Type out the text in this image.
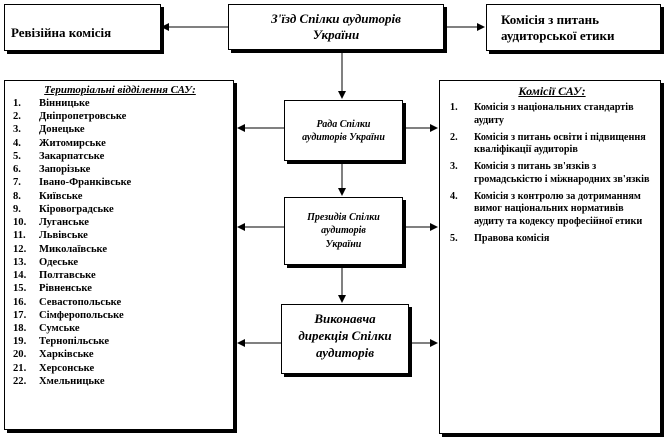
Ревізійна комісія
З'їзд Спілки аудиторів України
Комісія з питань аудиторської етики
Територіальні відділення САУ:
1.	Вінницьке
2.	Дніпропетровське
3.	Донецьке
4.	Житомирське
5.	Закарпатське
6.	Запорізьке
7.	Івано-Франківське
8.	Київське
9.	Кіровоградське
10.	Луганське
11.	Львівське
12.	Миколаївське
13.	Одеське
14.	Полтавське
15.	Рівненське
16.	Севастопольське
17.	Сімферопольське
18.	Сумське
19.	Тернопільське
20.	Харківське
21.	Херсонське
22.	Хмельницьке
Рада Спілки аудиторів України
Президія Спілки аудиторів України
Виконавча дирекція Спілки аудиторів
Комісії САУ:
1.	Комісія з національних стандартів аудиту
2.	Комісія з питань освіти і підвищення кваліфікації аудиторів
3.	Комісія з питань зв'язків з громадськістю і міжнародних зв'язків
4.	Комісія з контролю за дотриманням вимог національних нормативів аудиту та кодексу професійної етики
5.	Правова комісія
